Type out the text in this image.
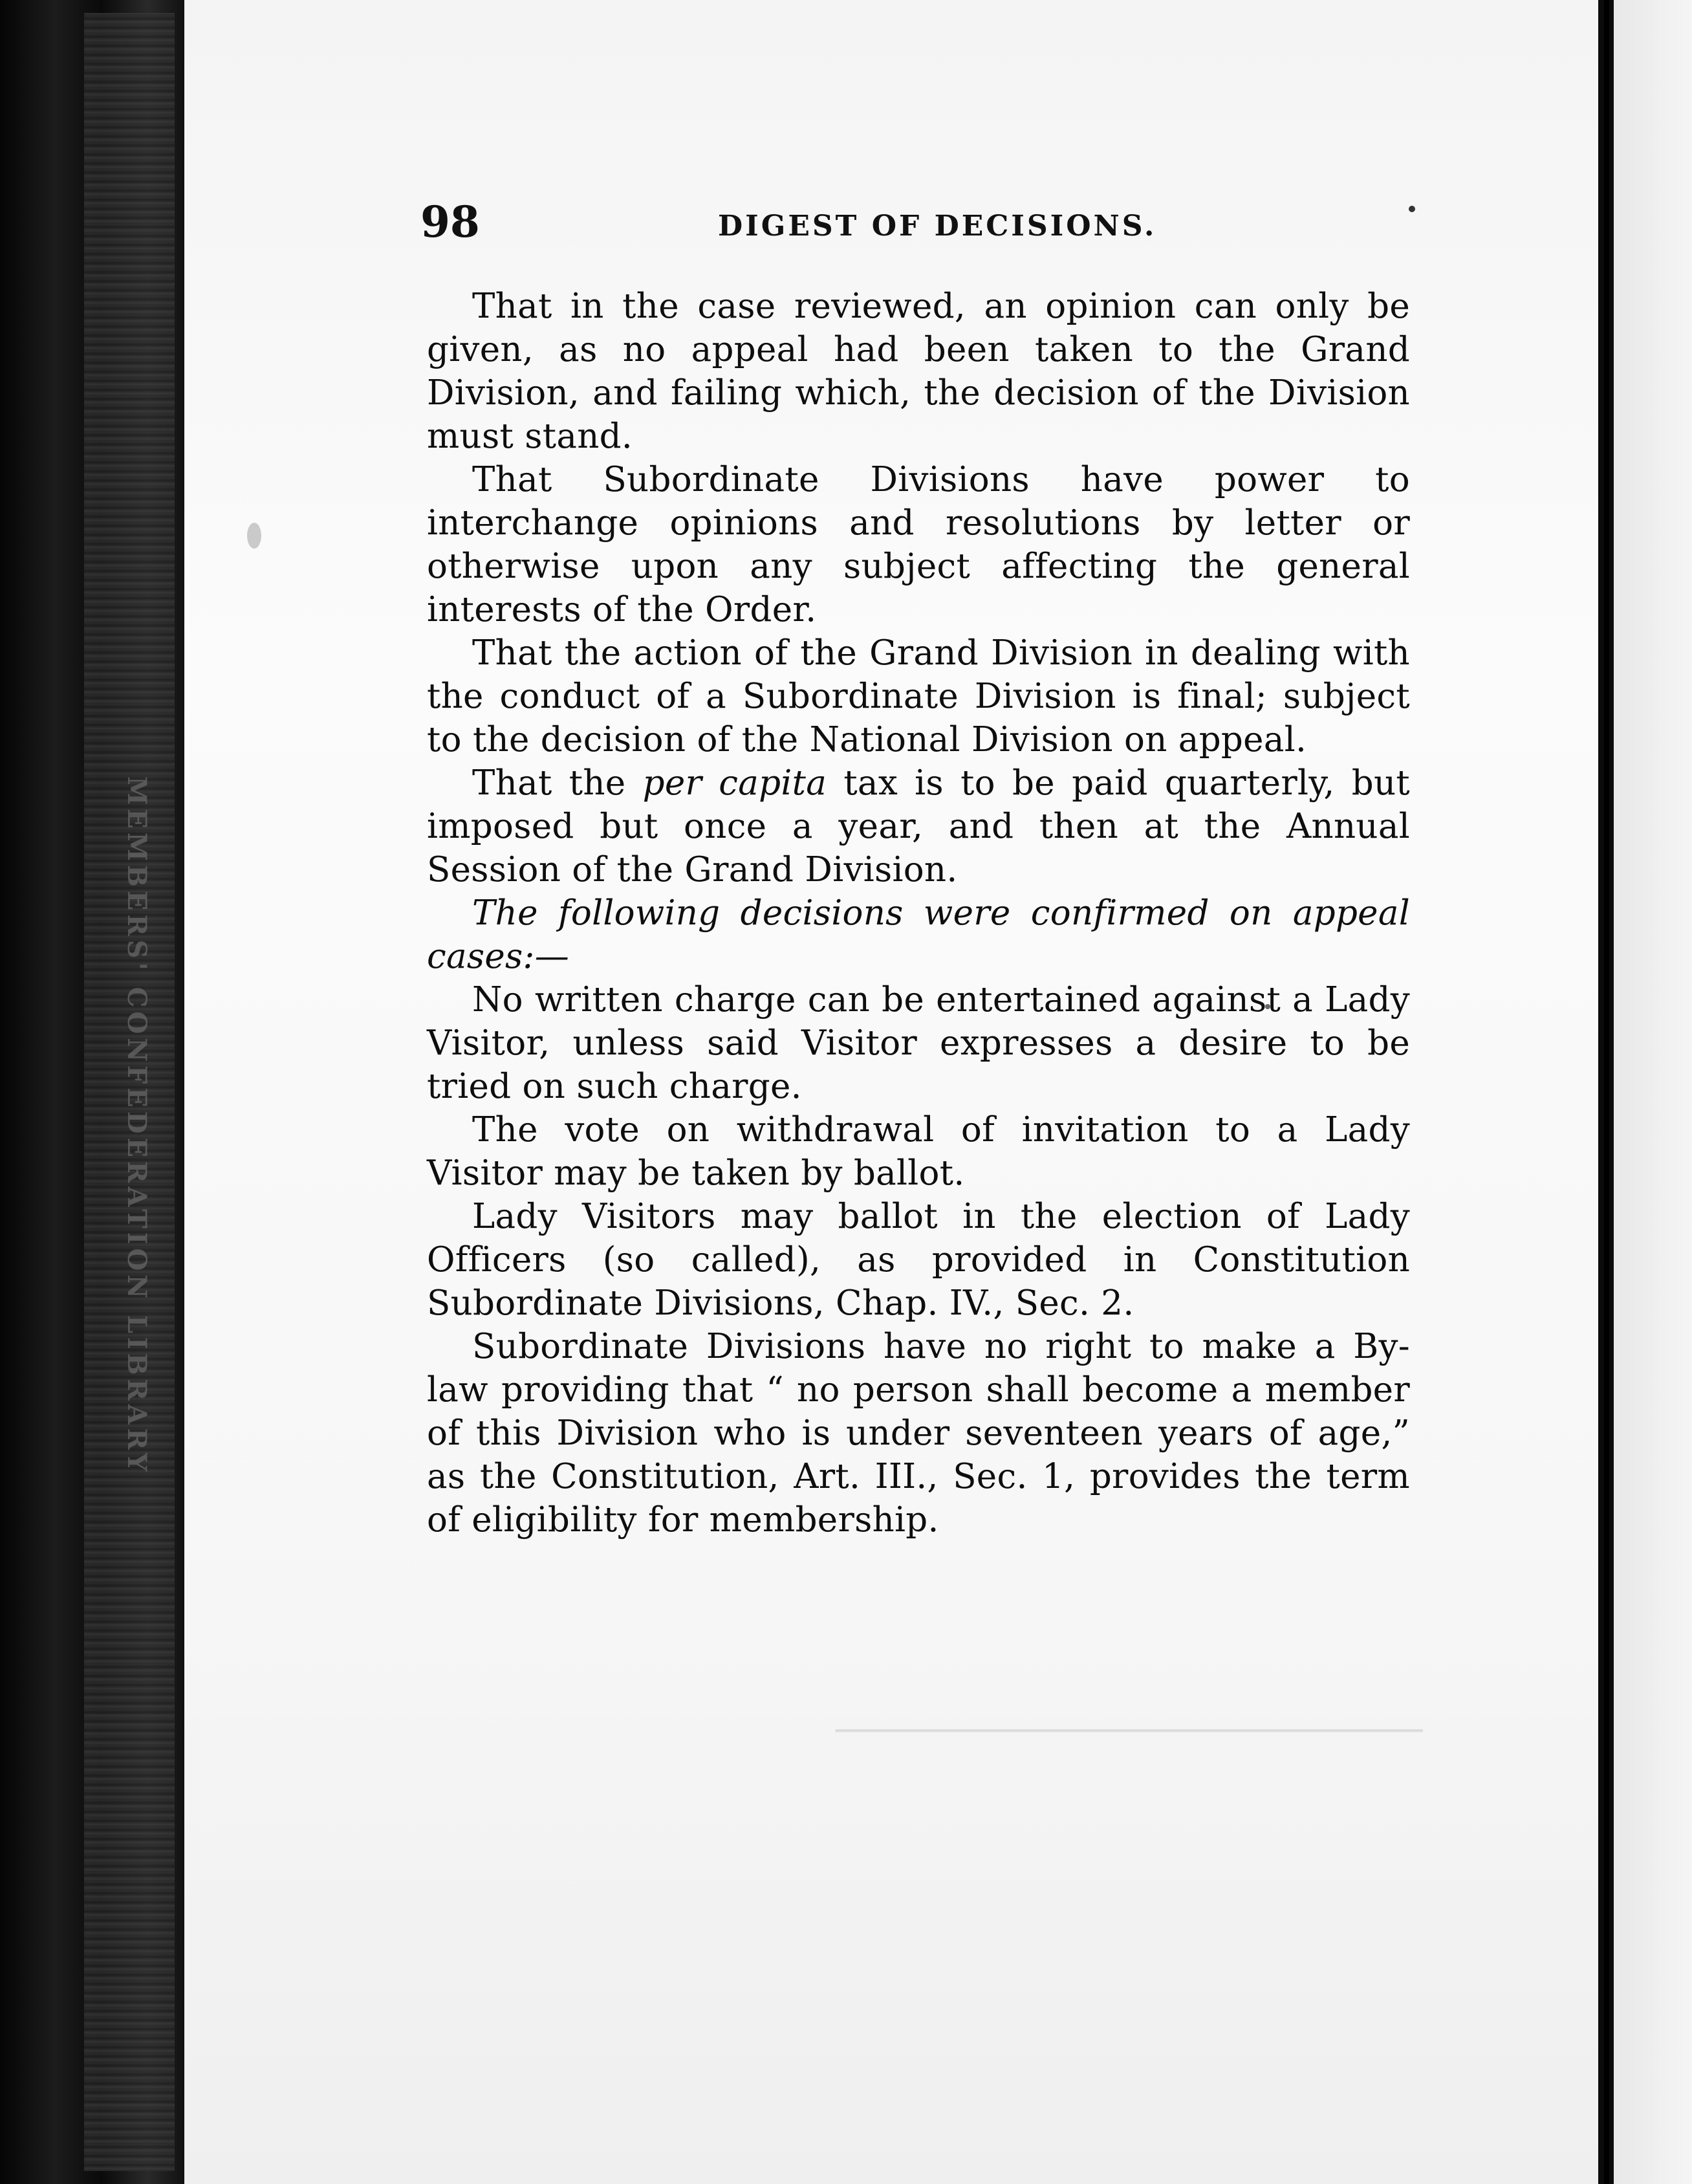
MEMBERS' CONFEDERATION LIBRARY
─────────────────────────────
98	DIGEST OF DECISIONS.

That in the case reviewed, an opinion can only be given, as no appeal had been taken to the Grand Division, and failing which, the decision of the Division must stand.

That Subordinate Divisions have power to interchange opinions and resolutions by letter or otherwise upon any subject affecting the general interests of the Order.

That the action of the Grand Division in dealing with the conduct of a Subordinate Division is final; subject to the decision of the National Division on appeal.

That the per capita tax is to be paid quarterly, but imposed but once a year, and then at the Annual Session of the Grand Division.

The following decisions were confirmed on appeal cases:—

No written charge can be entertained against a Lady Visitor, unless said Visitor expresses a desire to be tried on such charge.

The vote on withdrawal of invitation to a Lady Visitor may be taken by ballot.

Lady Visitors may ballot in the election of Lady Officers (so called), as provided in Constitution Subordinate Divisions, Chap. IV., Sec. 2.

Subordinate Divisions have no right to make a By-law providing that “ no person shall become a member of this Division who is under seventeen years of age,” as the Constitution, Art. III., Sec. 1, provides the term of eligibility for membership.
